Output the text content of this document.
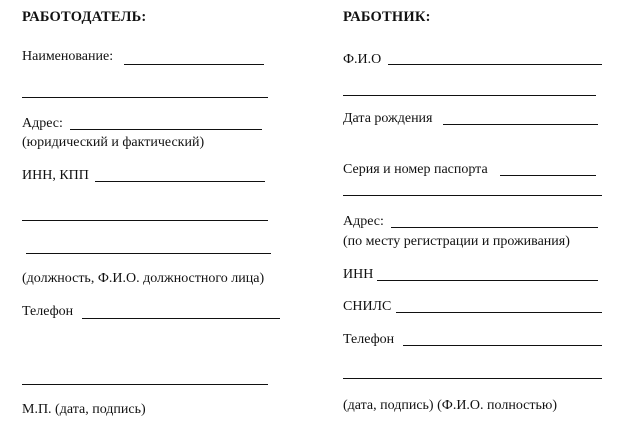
РАБОТОДАТЕЛЬ:
Наименование:
Адрес:
(юридический и фактический)
ИНН, КПП
(должность, Ф.И.О. должностного лица)
Телефон
М.П. (дата, подпись)
РАБОТНИК:
Ф.И.О
Дата рождения
Серия и номер паспорта
Адрес:
(по месту регистрации и проживания)
ИНН
СНИЛС
Телефон
(дата, подпись) (Ф.И.О. полностью)
